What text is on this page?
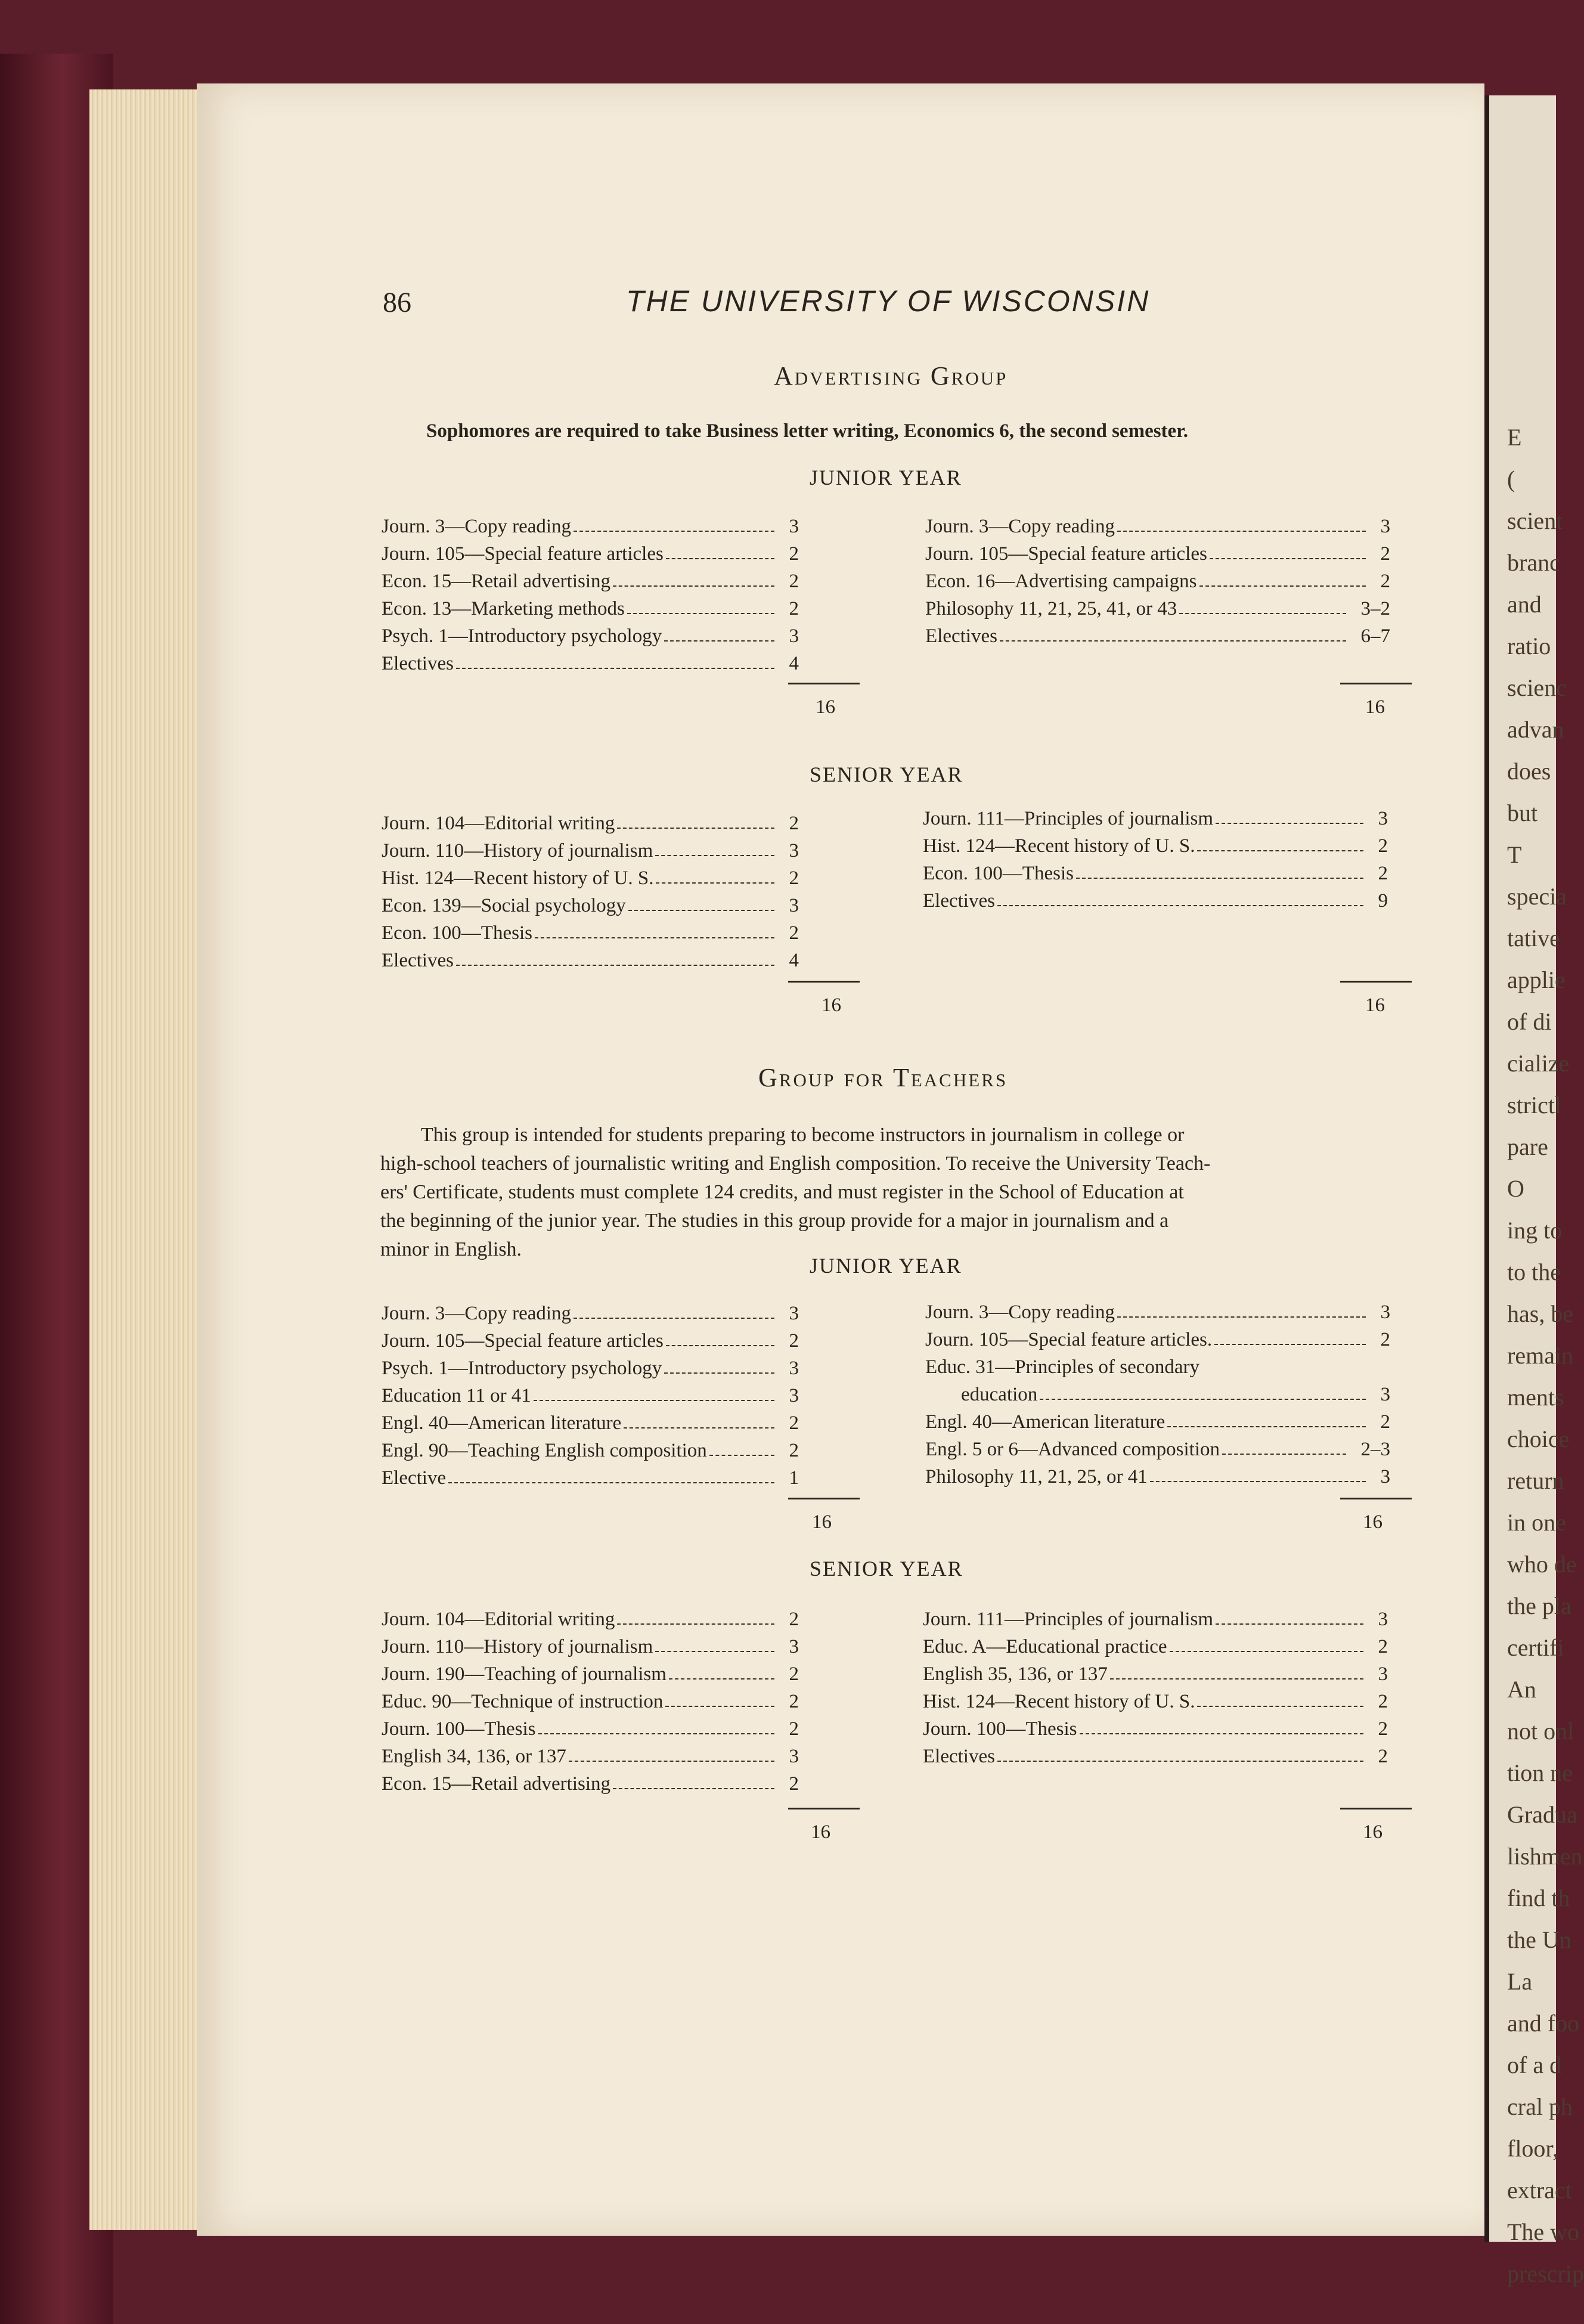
E
(
scient
branc
and
ratio
scienc
advan
does
but
T
specia
tative
applie
of di
cialize
strictl
pare
O
ing to
to the
has, be
remain
ments
choice
return
in one
who de
the pla
certifi
An
not onl
tion ne
Gradua
lishmen
find th
the Un
La
and foo
of a d
cral ph
floor,
extract
The wo
prescrip
86	THE UNIVERSITY OF WISCONSIN
Advertising Group
Sophomores are required to take Business letter writing, Economics 6, the second semester.
JUNIOR YEAR
Journ. 3—Copy reading	3
Journ. 105—Special feature articles	2
Econ. 15—Retail advertising	2
Econ. 13—Marketing methods	2
Psych. 1—Introductory psychology	3
Electives	4
Journ. 3—Copy reading	3
Journ. 105—Special feature articles	2
Econ. 16—Advertising campaigns	2
Philosophy 11, 21, 25, 41, or 43	3–2
Electives	6–7
16	16
SENIOR YEAR
Journ. 104—Editorial writing	2
Journ. 110—History of journalism	3
Hist. 124—Recent history of U. S.	2
Econ. 139—Social psychology	3
Econ. 100—Thesis	2
Electives	4
Journ. 111—Principles of journalism	3
Hist. 124—Recent history of U. S.	2
Econ. 100—Thesis	2
Electives	9
16	16
Group for Teachers

This group is intended for students preparing to become instructors in journalism in college or

high-school teachers of journalistic writing and English composition. To receive the University Teach-

ers' Certificate, students must complete 124 credits, and must register in the School of Education at

the beginning of the junior year. The studies in this group provide for a major in journalism and a

minor in English.

JUNIOR YEAR
Journ. 3—Copy reading	3
Journ. 105—Special feature articles	2
Psych. 1—Introductory psychology	3
Education 11 or 41	3
Engl. 40—American literature	2
Engl. 90—Teaching English composition	2
Elective	1
Journ. 3—Copy reading	3
Journ. 105—Special feature articles.	2
Educ. 31—Principles of secondary
education	3
Engl. 40—American literature	2
Engl. 5 or 6—Advanced composition	2–3
Philosophy 11, 21, 25, or 41	3
16	16
SENIOR YEAR
Journ. 104—Editorial writing	2
Journ. 110—History of journalism	3
Journ. 190—Teaching of journalism	2
Educ. 90—Technique of instruction	2
Journ. 100—Thesis	2
English 34, 136, or 137	3
Econ. 15—Retail advertising	2
Journ. 111—Principles of journalism	3
Educ. A—Educational practice	2
English 35, 136, or 137	3
Hist. 124—Recent history of U. S.	2
Journ. 100—Thesis	2
Electives	2
16	16
